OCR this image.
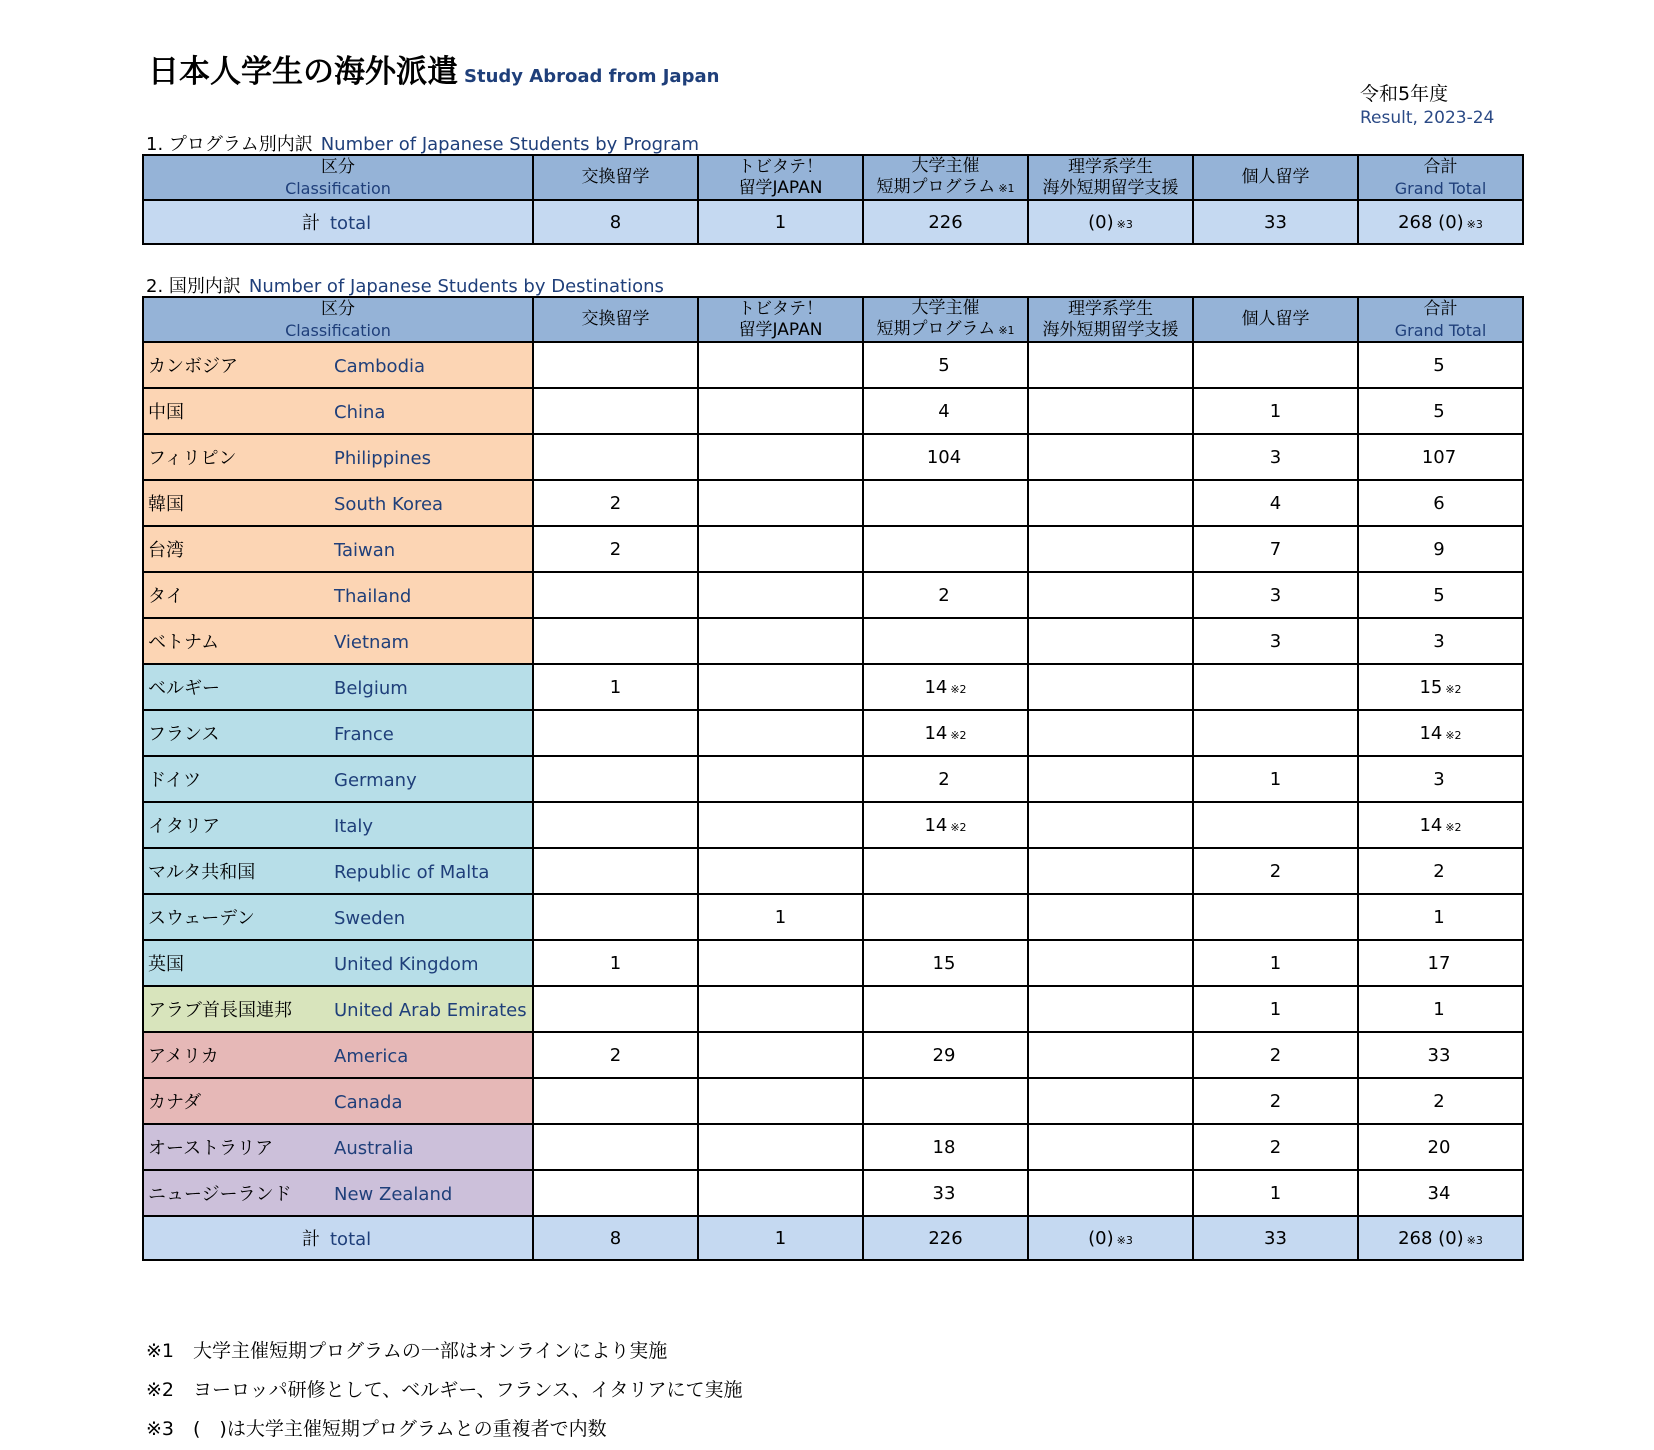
日本人学生の海外派遣 Study Abroad from Japan
令和5年度
Result, 2023-24
1. プログラム別内訳 Number of Japanese Students by Program
区分
Classification	交換留学	トビタテ！
留学JAPAN	大学主催
短期プログラム ※1	理学系学生
海外短期留学支援	個人留学	合計
Grand Total

計 total	8	1	226	(0) ※3	33	268 (0) ※3
2. 国別内訳 Number of Japanese Students by Destinations
区分
Classification	交換留学	トビタテ！
留学JAPAN	大学主催
短期プログラム ※1	理学系学生
海外短期留学支援	個人留学	合計
Grand Total

カンボジア Cambodia			5			5
中国 China			4		1	5
フィリピン Philippines			104		3	107
韓国 South Korea	2				4	6
台湾 Taiwan	2				7	9
タイ Thailand			2		3	5
ベトナム Vietnam					3	3
ベルギー Belgium	1		14 ※2			15 ※2
フランス France			14 ※2			14 ※2
ドイツ Germany			2		1	3
イタリア Italy			14 ※2			14 ※2
マルタ共和国 Republic of Malta					2	2
スウェーデン Sweden		1				1
英国 United Kingdom	1		15		1	17
アラブ首長国連邦 United Arab Emirates					1	1
アメリカ America	2		29		2	33
カナダ Canada					2	2
オーストラリア Australia			18		2	20
ニュージーランド New Zealand			33		1	34
計 total	8	1	226	(0) ※3	33	268 (0) ※3
※1　大学主催短期プログラムの一部はオンラインにより実施
※2　ヨーロッパ研修として、ベルギー、フランス、イタリアにて実施
※3　(　)は大学主催短期プログラムとの重複者で内数
